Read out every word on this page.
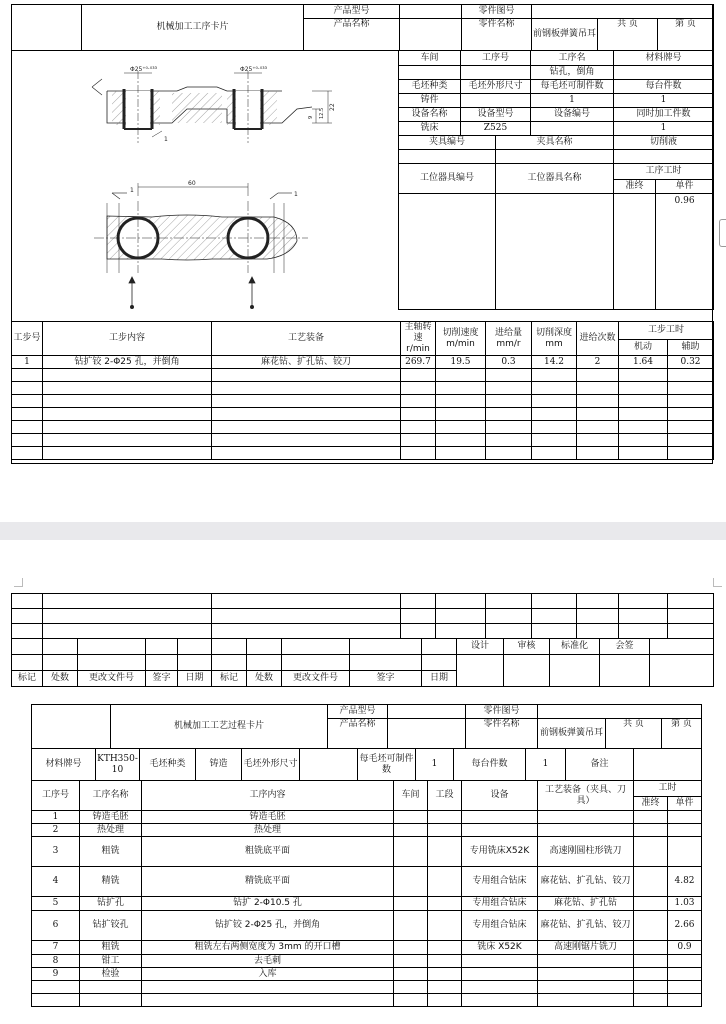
	机械加工工序卡片	产品型号		零件图号			
		产品名称		零件名称	前钢板弹簧吊耳	共 页	第 页
车间	工序号		工序名	材料牌号	
			钻孔，倒角		
毛坯种类	毛坯外形尺寸		每毛坯可制件数	每台件数	
铸件			1	1	
设备名称	设备型号		设备编号	同时加工件数	
铣床	Z525			1	
夹具编号		夹具名称		切削液	

工位器具编号		工位器具名称		工序工时	
				准终	单件
					0.96
Φ25⁺⁰·⁰³³	Φ25⁺⁰·⁰³³
22
12.5
9
1
60
1
1
工步号	工步内容	工艺装备	主轴转速r/min	切削速度m/min	进给量mm/r	切削深度mm	进给次数	工步工时	
								机动	辅助
1	钻扩铰 2-Φ25 孔，并倒角	麻花钻、扩孔钻、铰刀	269.7	19.5	0.3	14.2	2	1.64	0.32

										设计	审核	标准化	会签	

标记	处数	更改文件号	签字	日期	标记	处数	更改文件号	签字	日期					
	机械加工工艺过程卡片	产品型号		零件图号			
		产品名称		零件名称	前钢板弹簧吊耳	共 页	第 页
材料牌号	KTH350-10	毛坯种类	铸造	毛坯外形尺寸		每毛坯可制件数	1	每台件数	1	备注	
工序号	工序名称	工序内容	车间	工段	设备	工艺装备（夹具、刀具）	工时	
							准终	单件
1	铸造毛胚	铸造毛胚						
2	热处理	热处理						
3	粗铣	粗铣底平面			专用铣床X52K	高速刚圆柱形铣刀		
4	精铣	精铣底平面			专用组合钻床	麻花钻、扩孔钻、铰刀		4.82
5	钻扩孔	钻扩 2-Φ10.5 孔			专用组合钻床	麻花钻、扩孔钻		1.03
6	钻扩铰孔	钻扩铰 2-Φ25 孔，并倒角			专用组合钻床	麻花钻、扩孔钻、铰刀		2.66
7	粗铣	粗铣左右两侧宽度为 3mm 的开口槽			铣床 X52K	高速刚锯片铣刀		0.9
8	钳工	去毛刺						
9	检验	入库						
